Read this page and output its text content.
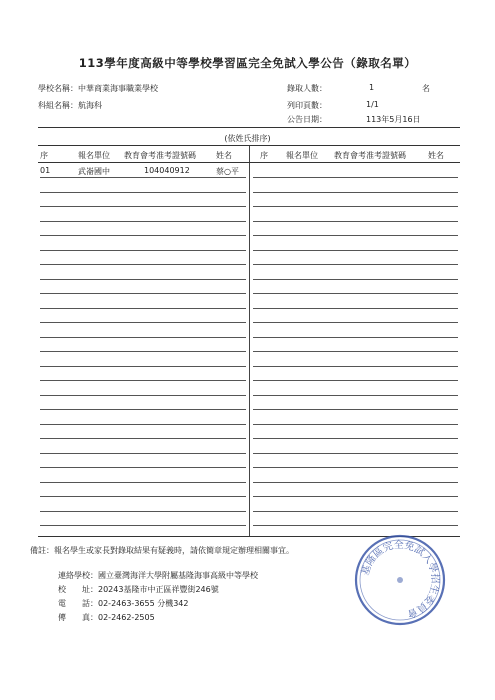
113學年度高級中等學校學習區完全免試入學公告（錄取名單）
學校名稱：中華商業海事職業學校
科組名稱：航海科
錄取人數：	1	名
列印頁數：	1/1
公告日期：	113年5月16日
(依姓氏排序)
序	報名單位 教育會考准考證號碼	姓名	序 報名單位 教育會考准考證號碼	姓名
01	武崙國中	104040912	蔡○平
備註：報名學生或家長對錄取結果有疑義時，請依簡章規定辦理相關事宜。
連絡學校：國立臺灣海洋大學附屬基隆海事高級中等學校
校　　址：20243基隆市中正區祥豐街246號
電　　話：02-2463-3655 分機342
傳　　真：02-2462-2505
基隆區完全免試入學招生委員會
